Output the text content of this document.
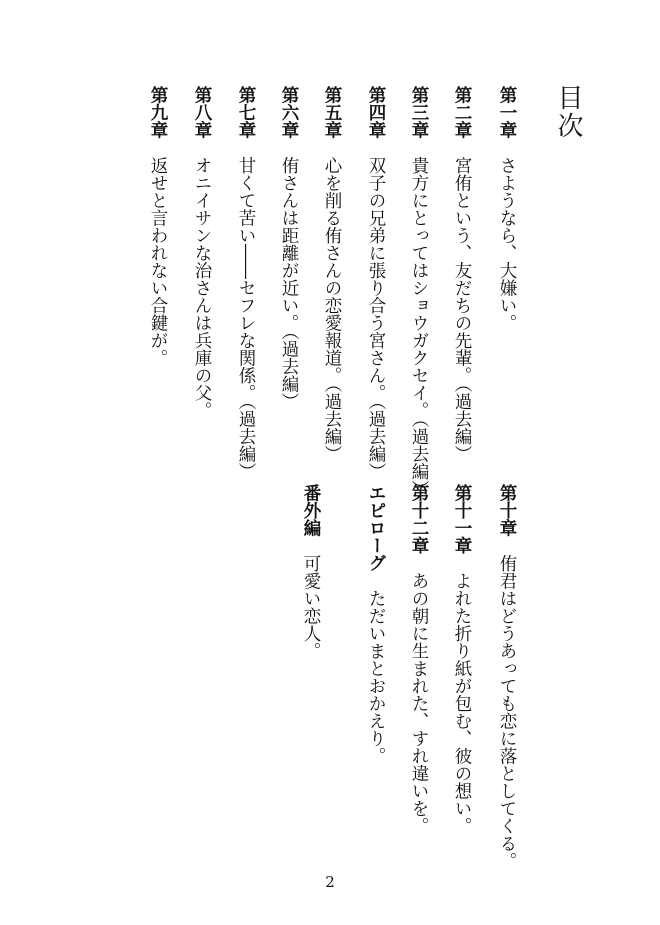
目次
第一章さようなら、大嫌い。
第二章宮侑という、友だちの先輩。（過去編）
第三章貴方にとってはショウガクセイ。（過去編）
第四章双子の兄弟に張り合う宮さん。（過去編）
第五章心を削る侑さんの恋愛報道。（過去編）
第六章侑さんは距離が近い。（過去編）
第七章甘くて苦い――セフレな関係。（過去編）
第八章オニイサンな治さんは兵庫の父。
第九章返せと言われない合鍵が。
第十章侑君はどうあっても恋に落としてくる。
第十一章よれた折り紙が包む、彼の想い。
第十二章あの朝に生まれた、すれ違いを。
エピローグただいまとおかえり。
番外編可愛い恋人。
2
